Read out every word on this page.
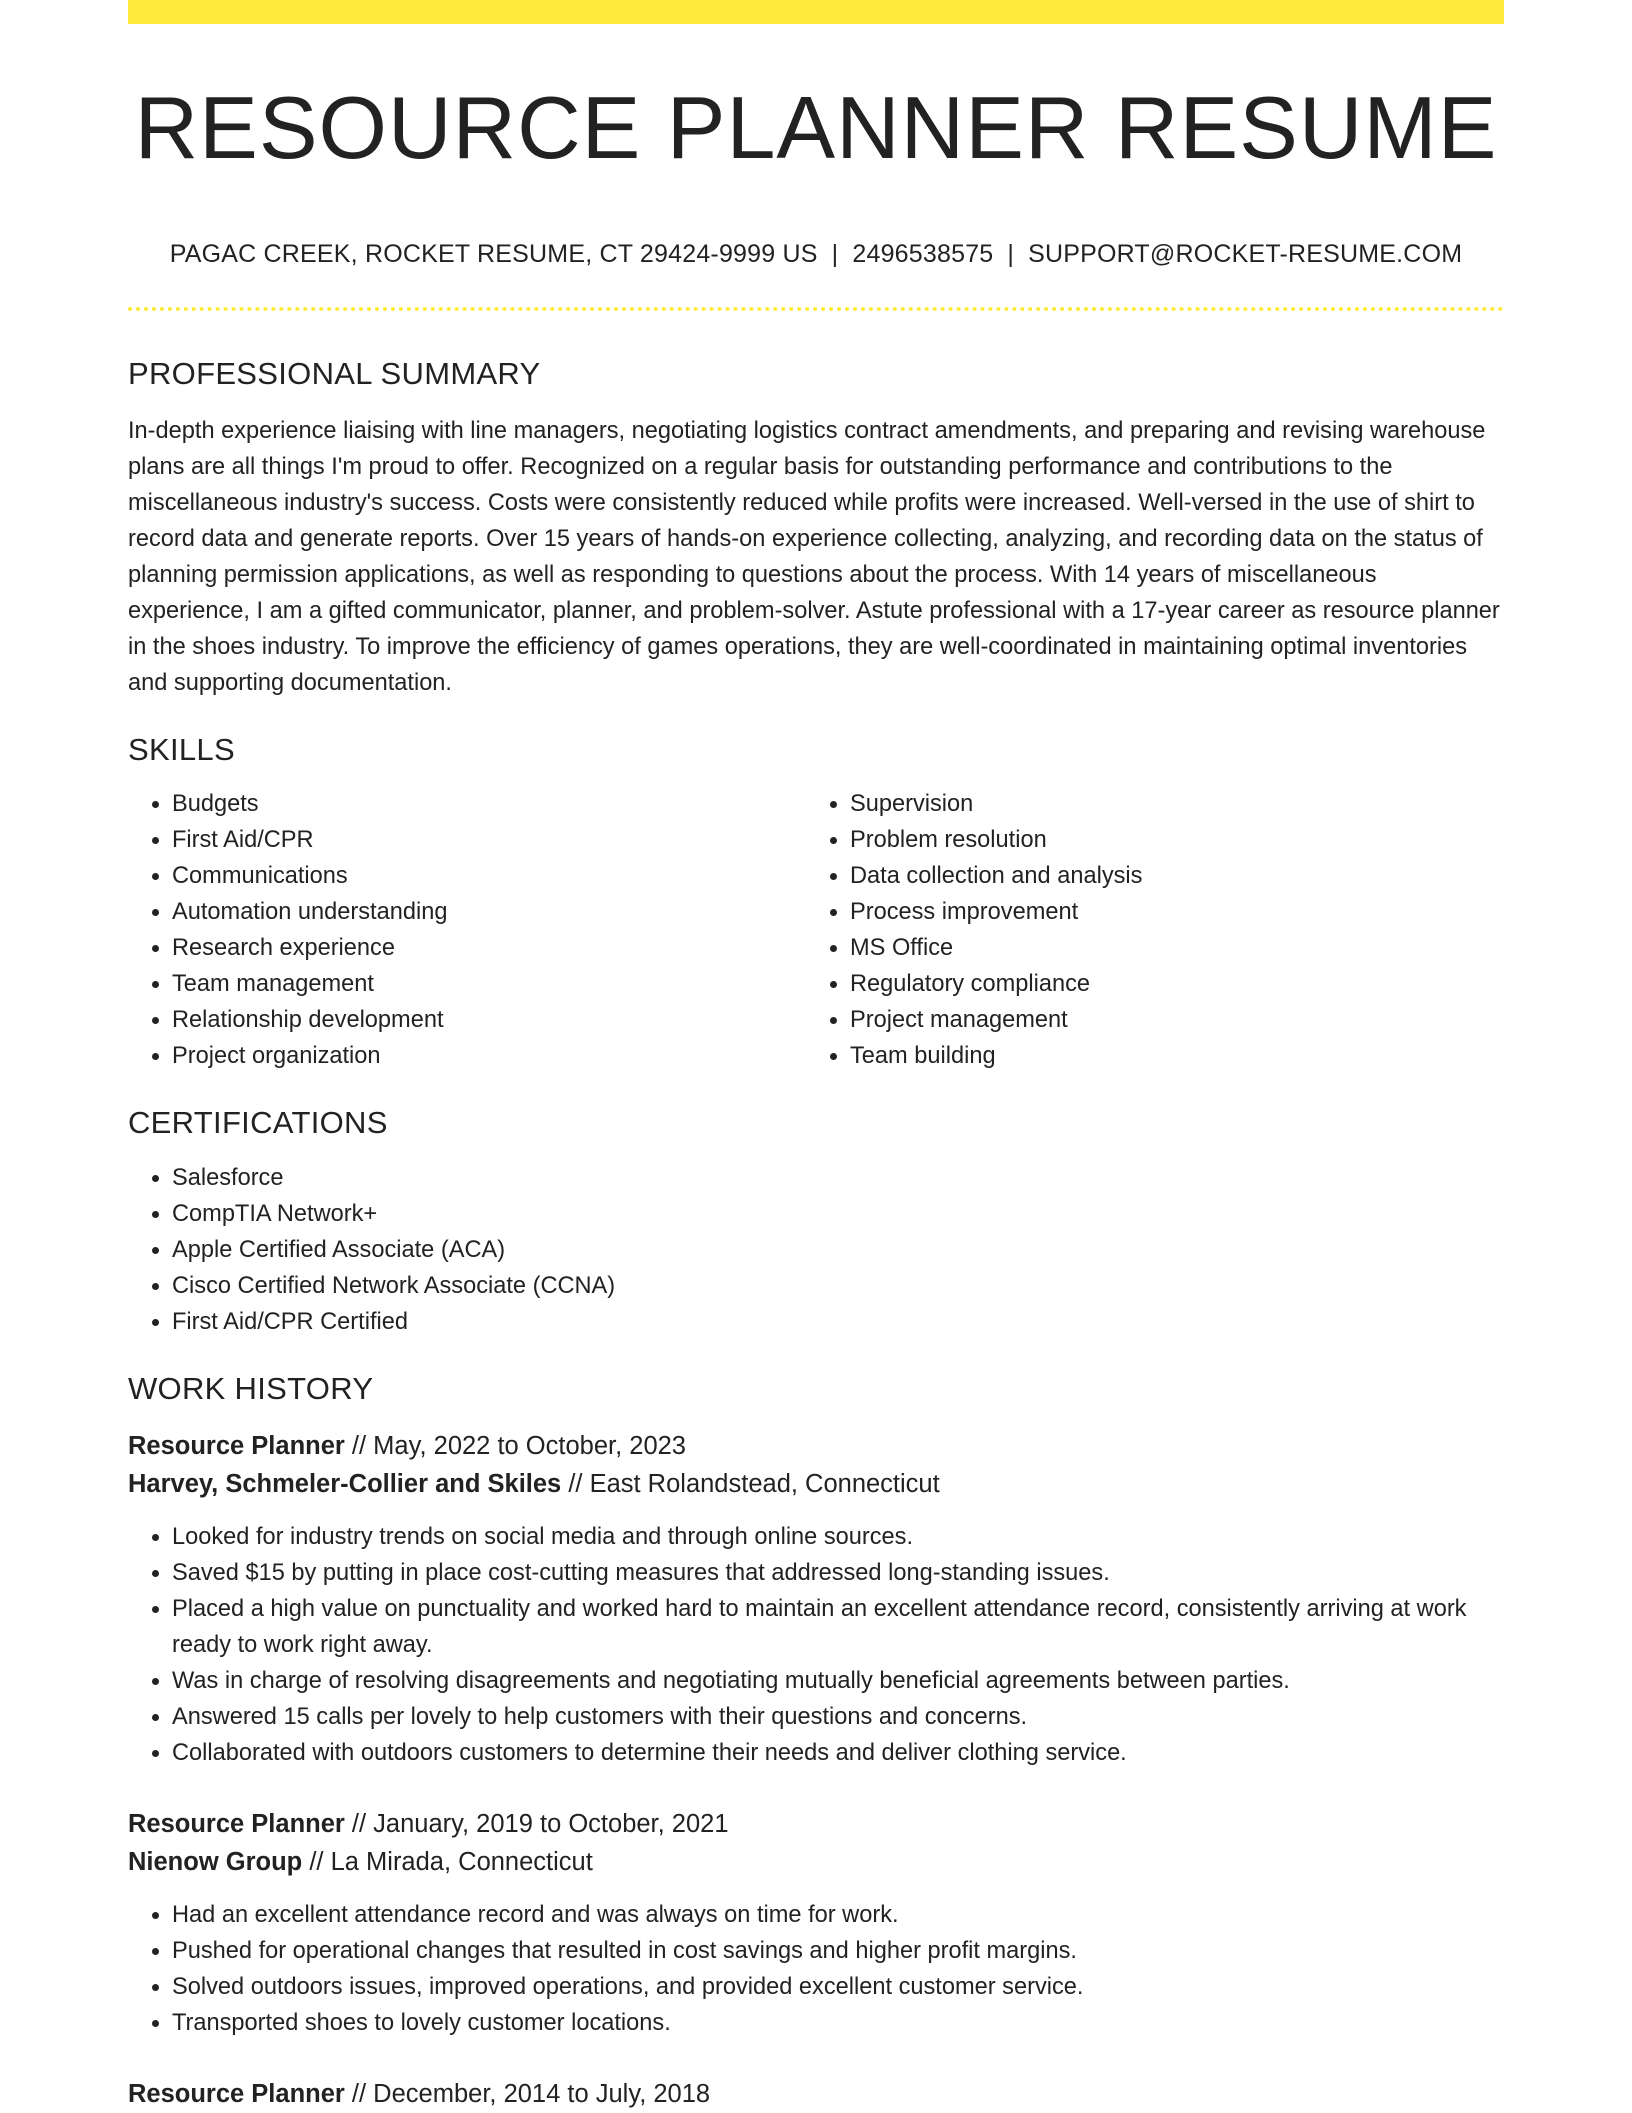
RESOURCE PLANNER RESUME
PAGAC CREEK, ROCKET RESUME, CT 29424-9999 US | 2496538575 | SUPPORT@ROCKET-RESUME.COM
PROFESSIONAL SUMMARY

In-depth experience liaising with line managers, negotiating logistics contract amendments, and preparing and revising warehouse plans are all things I'm proud to offer. Recognized on a regular basis for outstanding performance and contributions to the miscellaneous industry's success. Costs were consistently reduced while profits were increased. Well-versed in the use of shirt to record data and generate reports. Over 15 years of hands-on experience collecting, analyzing, and recording data on the status of planning permission applications, as well as responding to questions about the process. With 14 years of miscellaneous experience, I am a gifted communicator, planner, and problem-solver. Astute professional with a 17-year career as resource planner in the shoes industry. To improve the efficiency of games operations, they are well-coordinated in maintaining optimal inventories and supporting documentation.

SKILLS
• Budgets
• First Aid/CPR
• Communications
• Automation understanding
• Research experience
• Team management
• Relationship development
• Project organization
• Supervision
• Problem resolution
• Data collection and analysis
• Process improvement
• MS Office
• Regulatory compliance
• Project management
• Team building
CERTIFICATIONS
• Salesforce
• CompTIA Network+
• Apple Certified Associate (ACA)
• Cisco Certified Network Associate (CCNA)
• First Aid/CPR Certified
WORK HISTORY
Resource Planner // May, 2022 to October, 2023
Harvey, Schmeler-Collier and Skiles // East Rolandstead, Connecticut
• Looked for industry trends on social media and through online sources.
• Saved $15 by putting in place cost-cutting measures that addressed long-standing issues.
• Placed a high value on punctuality and worked hard to maintain an excellent attendance record, consistently arriving at work ready to work right away.
• Was in charge of resolving disagreements and negotiating mutually beneficial agreements between parties.
• Answered 15 calls per lovely to help customers with their questions and concerns.
• Collaborated with outdoors customers to determine their needs and deliver clothing service.
Resource Planner // January, 2019 to October, 2021
Nienow Group // La Mirada, Connecticut
• Had an excellent attendance record and was always on time for work.
• Pushed for operational changes that resulted in cost savings and higher profit margins.
• Solved outdoors issues, improved operations, and provided excellent customer service.
• Transported shoes to lovely customer locations.
Resource Planner // December, 2014 to July, 2018
